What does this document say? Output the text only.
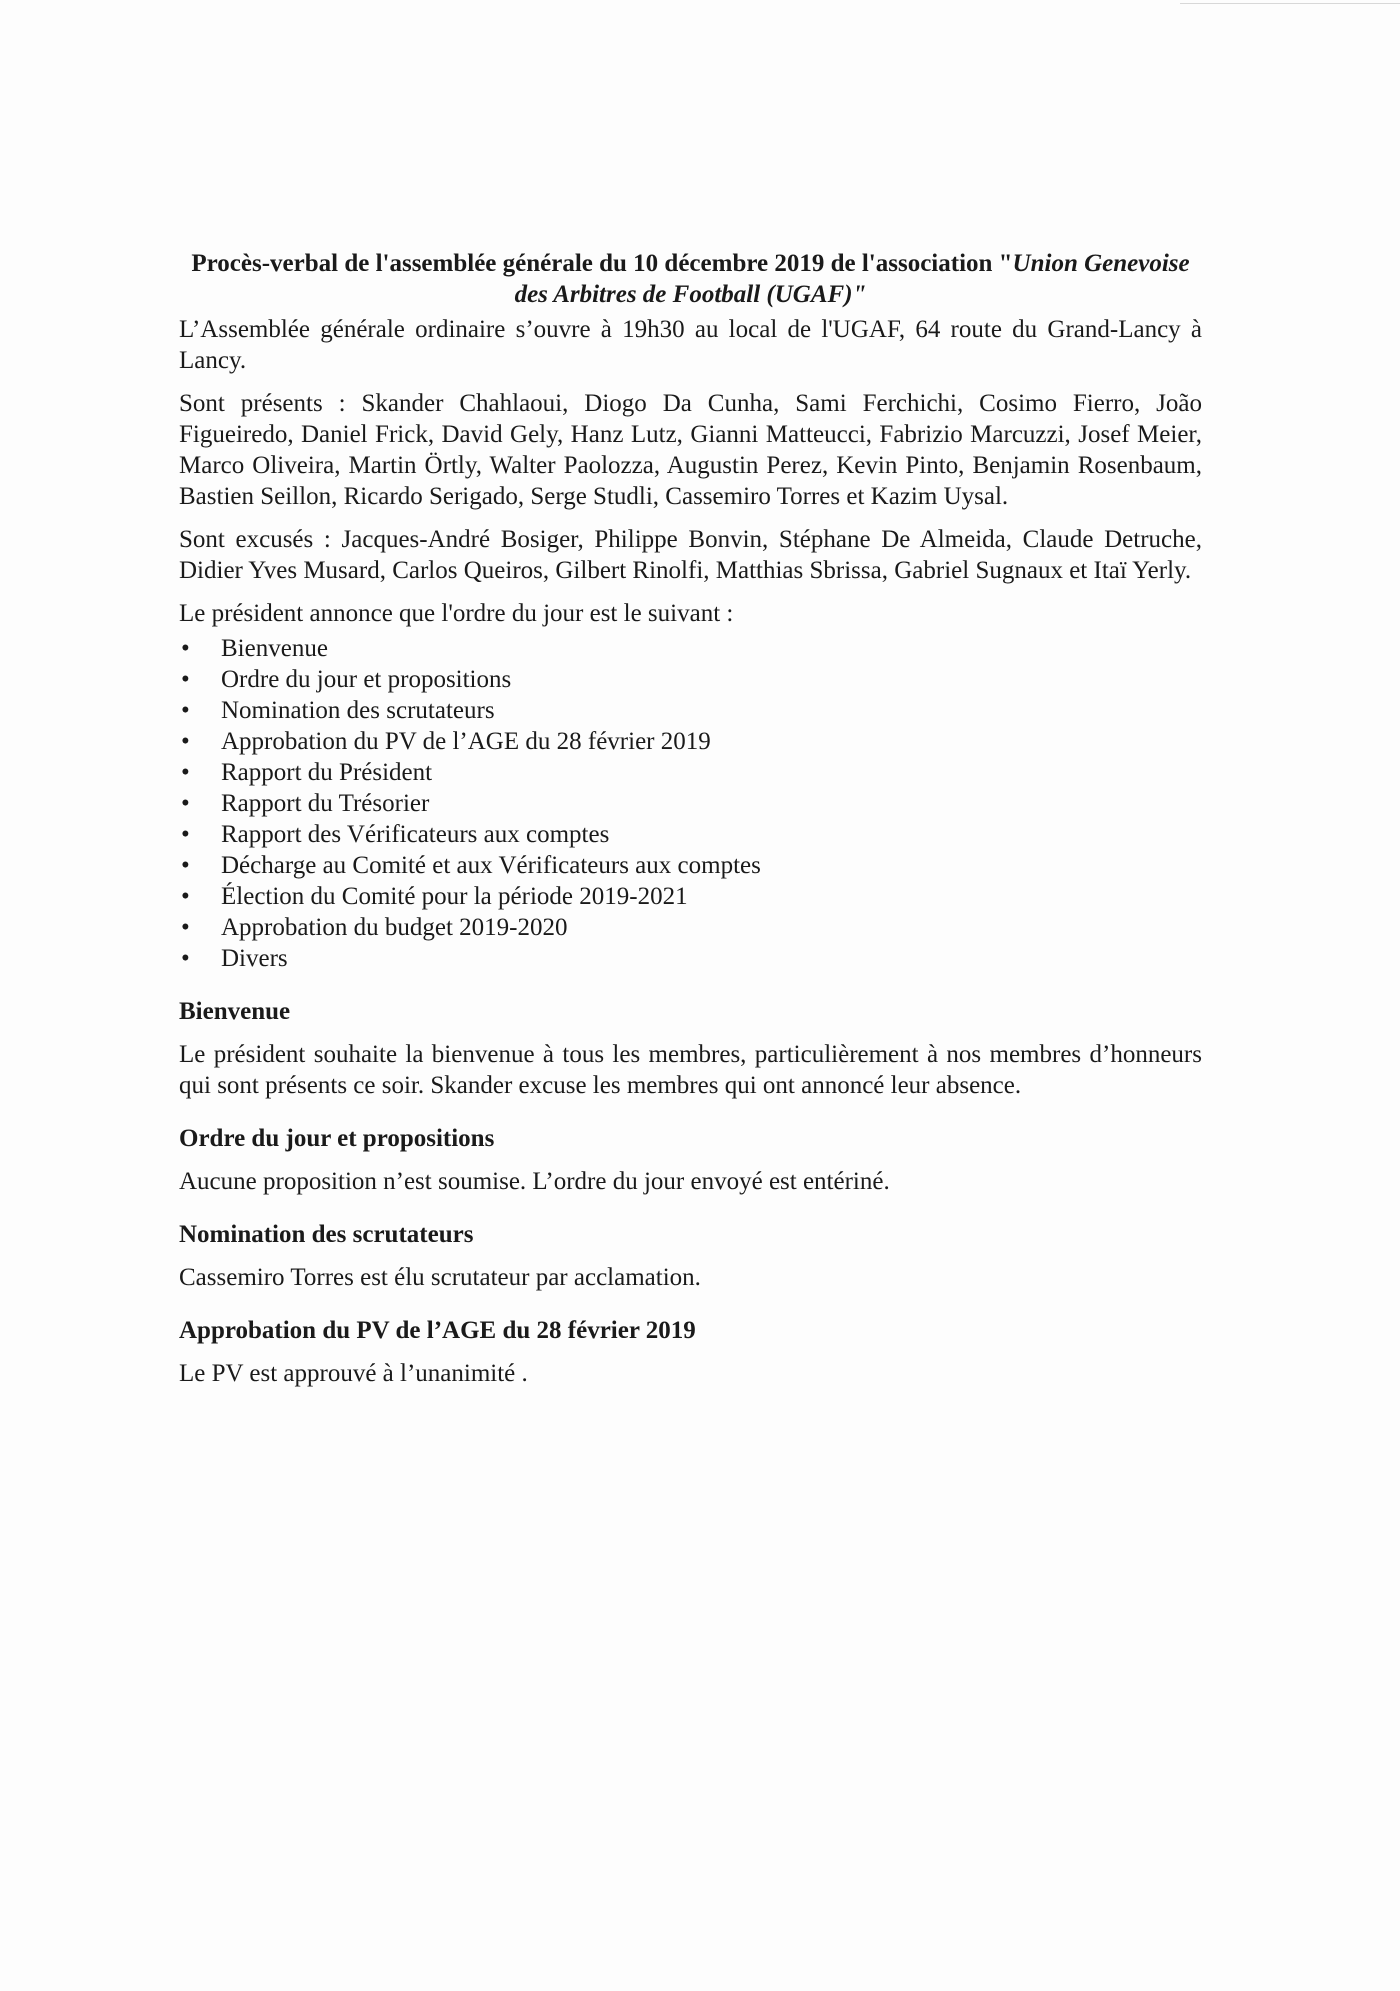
Procès-verbal de l'assemblée générale du 10 décembre 2019 de l'association "Union Genevoise des Arbitres de Football (UGAF)"

L’Assemblée générale ordinaire s’ouvre à 19h30 au local de l'UGAF, 64 route du Grand-Lancy à Lancy.

Sont présents : Skander Chahlaoui, Diogo Da Cunha, Sami Ferchichi, Cosimo Fierro, João Figueiredo, Daniel Frick, David Gely, Hanz Lutz, Gianni Matteucci, Fabrizio Marcuzzi, Josef Meier, Marco Oliveira, Martin Örtly, Walter Paolozza, Augustin Perez, Kevin Pinto, Benjamin Rosenbaum, Bastien Seillon, Ricardo Serigado, Serge Studli, Cassemiro Torres et Kazim Uysal.

Sont excusés : Jacques-André Bosiger, Philippe Bonvin, Stéphane De Almeida, Claude Detruche, Didier Yves Musard, Carlos Queiros, Gilbert Rinolfi, Matthias Sbrissa, Gabriel Sugnaux et Itaï Yerly.

Le président annonce que l'ordre du jour est le suivant :

• Bienvenue
• Ordre du jour et propositions
• Nomination des scrutateurs
• Approbation du PV de l’AGE du 28 février 2019
• Rapport du Président
• Rapport du Trésorier
• Rapport des Vérificateurs aux comptes
• Décharge au Comité et aux Vérificateurs aux comptes
• Élection du Comité pour la période 2019-2021
• Approbation du budget 2019-2020
• Divers
Bienvenue

Le président souhaite la bienvenue à tous les membres, particulièrement à nos membres d’honneurs qui sont présents ce soir. Skander excuse les membres qui ont annoncé leur absence.

Ordre du jour et propositions

Aucune proposition n’est soumise. L’ordre du jour envoyé est entériné.

Nomination des scrutateurs

Cassemiro Torres est élu scrutateur par acclamation.

Approbation du PV de l’AGE du 28 février 2019

Le PV est approuvé à l’unanimité .
